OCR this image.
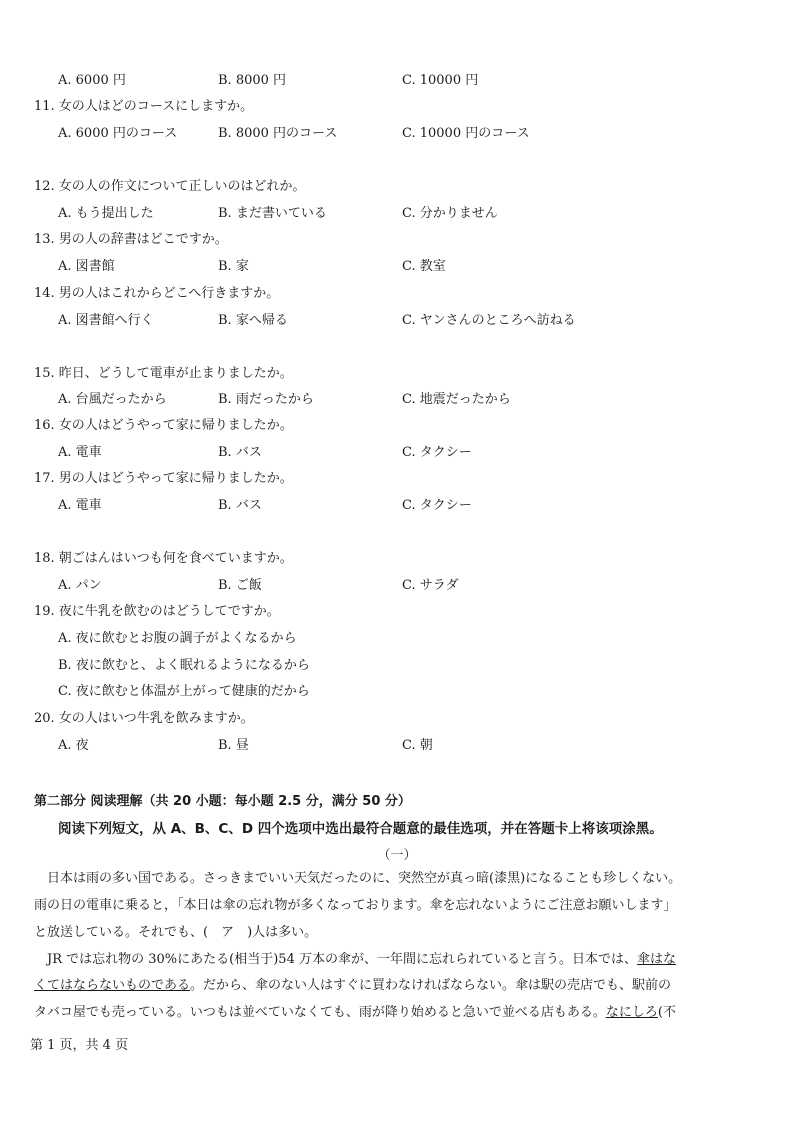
A. 6000 円	B. 8000 円	C. 10000 円
11. 女の人はどのコースにしますか。
A. 6000 円のコース	B. 8000 円のコース	C. 10000 円のコース
12. 女の人の作文について正しいのはどれか。
A. もう提出した	B. まだ書いている	C. 分かりません
13. 男の人の辞書はどこですか。
A. 図書館	B. 家	C. 教室
14. 男の人はこれからどこへ行きますか。
A. 図書館へ行く	B. 家へ帰る	C. ヤンさんのところへ訪ねる
15. 昨日、どうして電車が止まりましたか。
A. 台風だったから	B. 雨だったから	C. 地震だったから
16. 女の人はどうやって家に帰りましたか。
A. 電車	B. バス	C. タクシー
17. 男の人はどうやって家に帰りましたか。
A. 電車	B. バス	C. タクシー
18. 朝ごはんはいつも何を食べていますか。
A. パン	B. ご飯	C. サラダ
19. 夜に牛乳を飲むのはどうしてですか。
A. 夜に飲むとお腹の調子がよくなるから
B. 夜に飲むと、よく眠れるようになるから
C. 夜に飲むと体温が上がって健康的だから
20. 女の人はいつ牛乳を飲みますか。
A. 夜	B. 昼	C. 朝
第二部分 阅读理解（共 20 小题：每小题 2.5 分，满分 50 分）
阅读下列短文，从 A、B、C、D 四个选项中选出最符合题意的最佳选项，并在答题卡上将该项涂黑。
（一）
　日本は雨の多い国である。さっきまでいい天気だったのに、突然空が真っ暗(漆黒)になることも珍しくない。
雨の日の電車に乗ると，「本日は傘の忘れ物が多くなっております。傘を忘れないようにご注意お願いします」
と放送している。それでも、(　ア　)人は多い。
　JR では忘れ物の 30%にあたる(相当于)54 万本の傘が、一年間に忘れられていると言う。日本では、傘はな
くてはならないものである。だから、傘のない人はすぐに買わなければならない。傘は駅の売店でも、駅前の
タバコ屋でも売っている。いつもは並べていなくても、雨が降り始めると急いで並べる店もある。なにしろ(不
第 1 页，共 4 页
